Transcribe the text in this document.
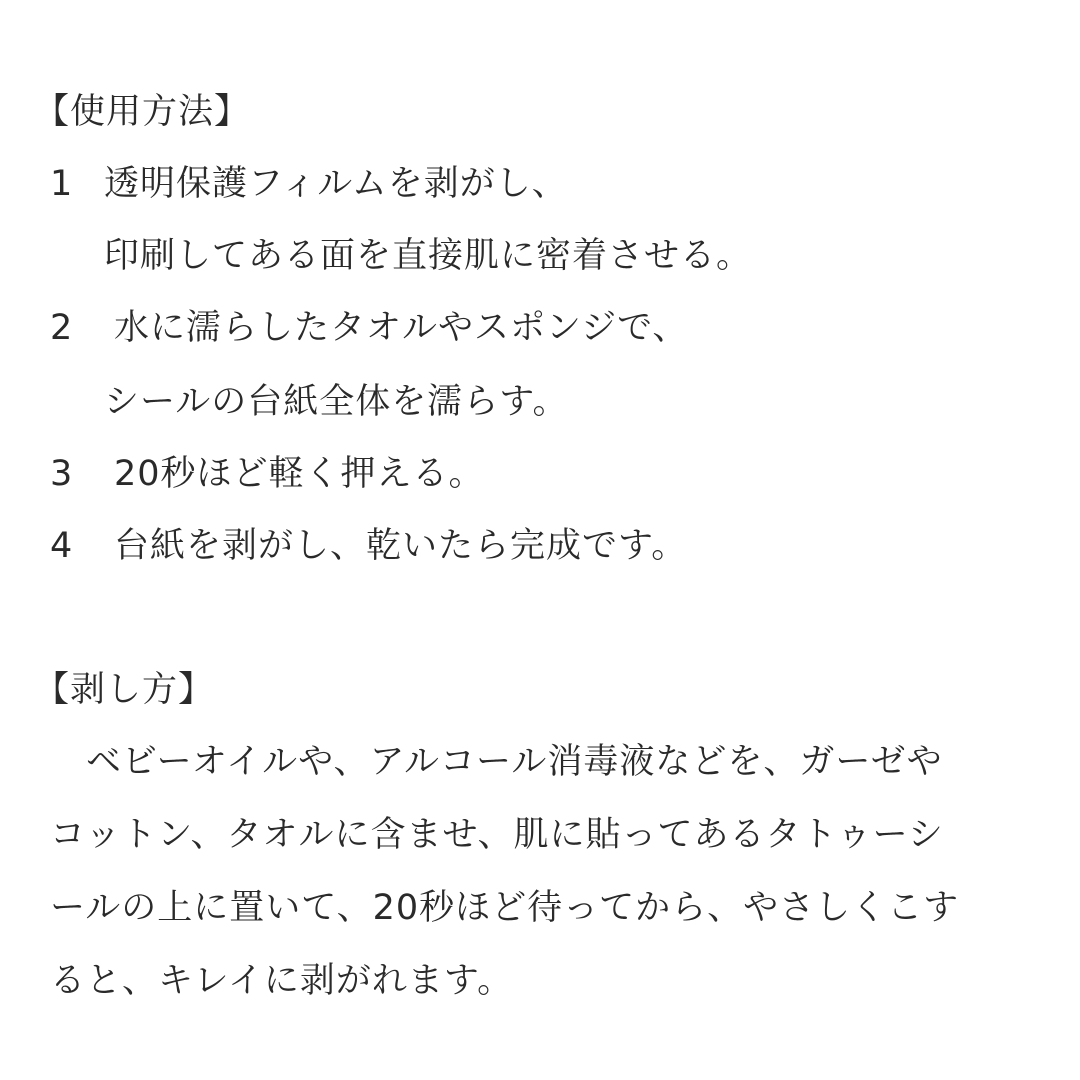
【使用方法】
1 透明保護フィルムを剥がし、
印刷してある面を直接肌に密着させる。
2 水に濡らしたタオルやスポンジで、
シールの台紙全体を濡らす。
3 20秒ほど軽く押える。
4 台紙を剥がし、乾いたら完成です。
【剥し方】
　ベビーオイルや、アルコール消毒液などを、ガーゼや
コットン、タオルに含ませ、肌に貼ってあるタトゥーシ
ールの上に置いて、20秒ほど待ってから、やさしくこす
ると、キレイに剥がれます。
